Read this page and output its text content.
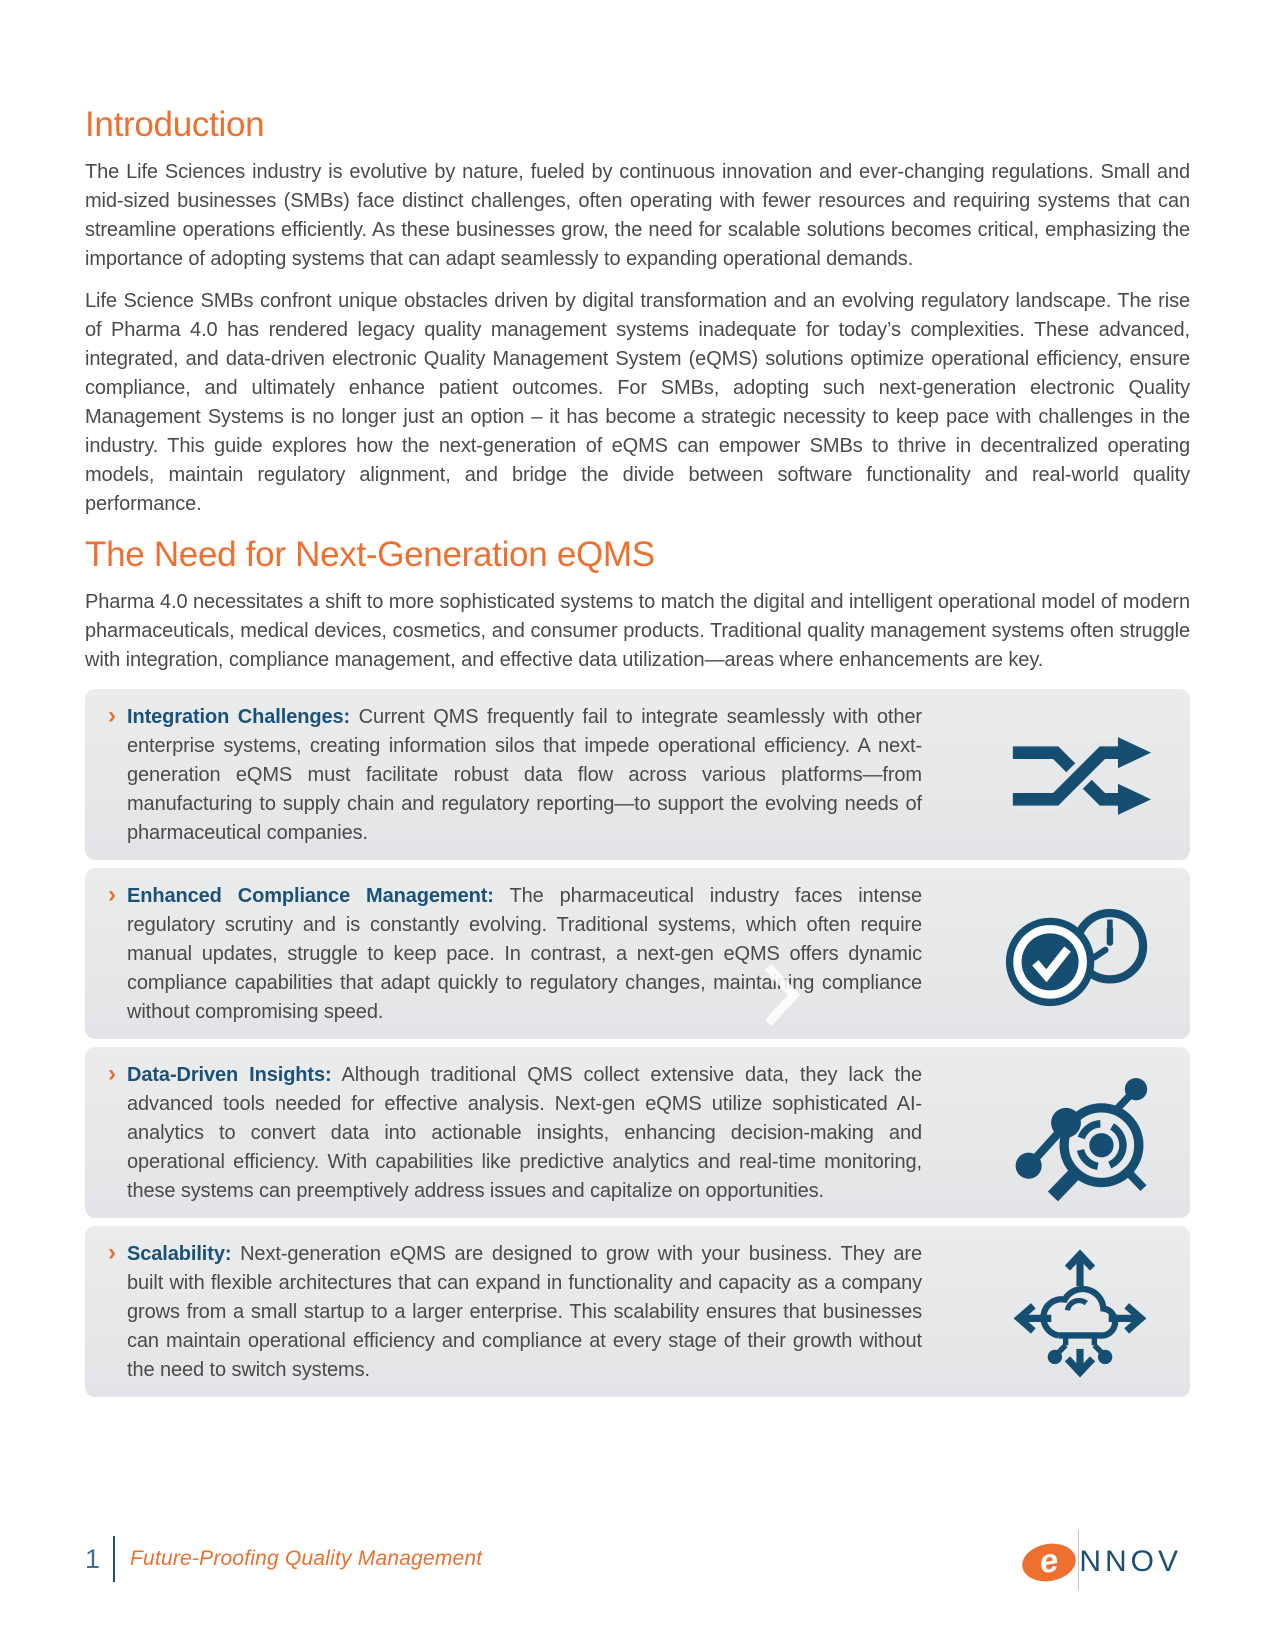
Introduction

The Life Sciences industry is evolutive by nature, fueled by continuous innovation and ever-changing regulations. Small and mid-sized businesses (SMBs) face distinct challenges, often operating with fewer resources and requiring systems that can streamline operations efficiently. As these businesses grow, the need for scalable solutions becomes critical, emphasizing the importance of adopting systems that can adapt seamlessly to expanding operational demands.

Life Science SMBs confront unique obstacles driven by digital transformation and an evolving regulatory landscape. The rise of Pharma 4.0 has rendered legacy quality management systems inadequate for today’s complexities. These advanced, integrated, and data-driven electronic Quality Management System (eQMS) solutions optimize operational efficiency, ensure compliance, and ultimately enhance patient outcomes. For SMBs, adopting such next-generation electronic Quality Management Systems is no longer just an option – it has become a strategic necessity to keep pace with challenges in the industry. This guide explores how the next-generation of eQMS can empower SMBs to thrive in decentralized operating models, maintain regulatory alignment, and bridge the divide between software functionality and real-world quality performance.

The Need for Next-Generation eQMS

Pharma 4.0 necessitates a shift to more sophisticated systems to match the digital and intelligent operational model of modern pharmaceuticals, medical devices, cosmetics, and consumer products. Traditional quality management systems often struggle with integration, compliance management, and effective data utilization—areas where enhancements are key.

› Integration Challenges: Current QMS frequently fail to integrate seamlessly with other enterprise systems, creating information silos that impede operational efficiency. A next-generation eQMS must facilitate robust data flow across various platforms—from manufacturing to supply chain and regulatory reporting—to support the evolving needs of pharmaceutical companies.

› Enhanced Compliance Management: The pharmaceutical industry faces intense regulatory scrutiny and is constantly evolving. Traditional systems, which often require manual updates, struggle to keep pace. In contrast, a next-gen eQMS offers dynamic compliance capabilities that adapt quickly to regulatory changes, maintaining compliance without compromising speed.

› Data-Driven Insights: Although traditional QMS collect extensive data, they lack the advanced tools needed for effective analysis. Next-gen eQMS utilize sophisticated AI-analytics to convert data into actionable insights, enhancing decision-making and operational efficiency. With capabilities like predictive analytics and real-time monitoring, these systems can preemptively address issues and capitalize on opportunities.

› Scalability: Next-generation eQMS are designed to grow with your business. They are built with flexible architectures that can expand in functionality and capacity as a company grows from a small startup to a larger enterprise. This scalability ensures that businesses can maintain operational efficiency and compliance at every stage of their growth without the need to switch systems.

1 Future-Proofing Quality Management	e NNOV
